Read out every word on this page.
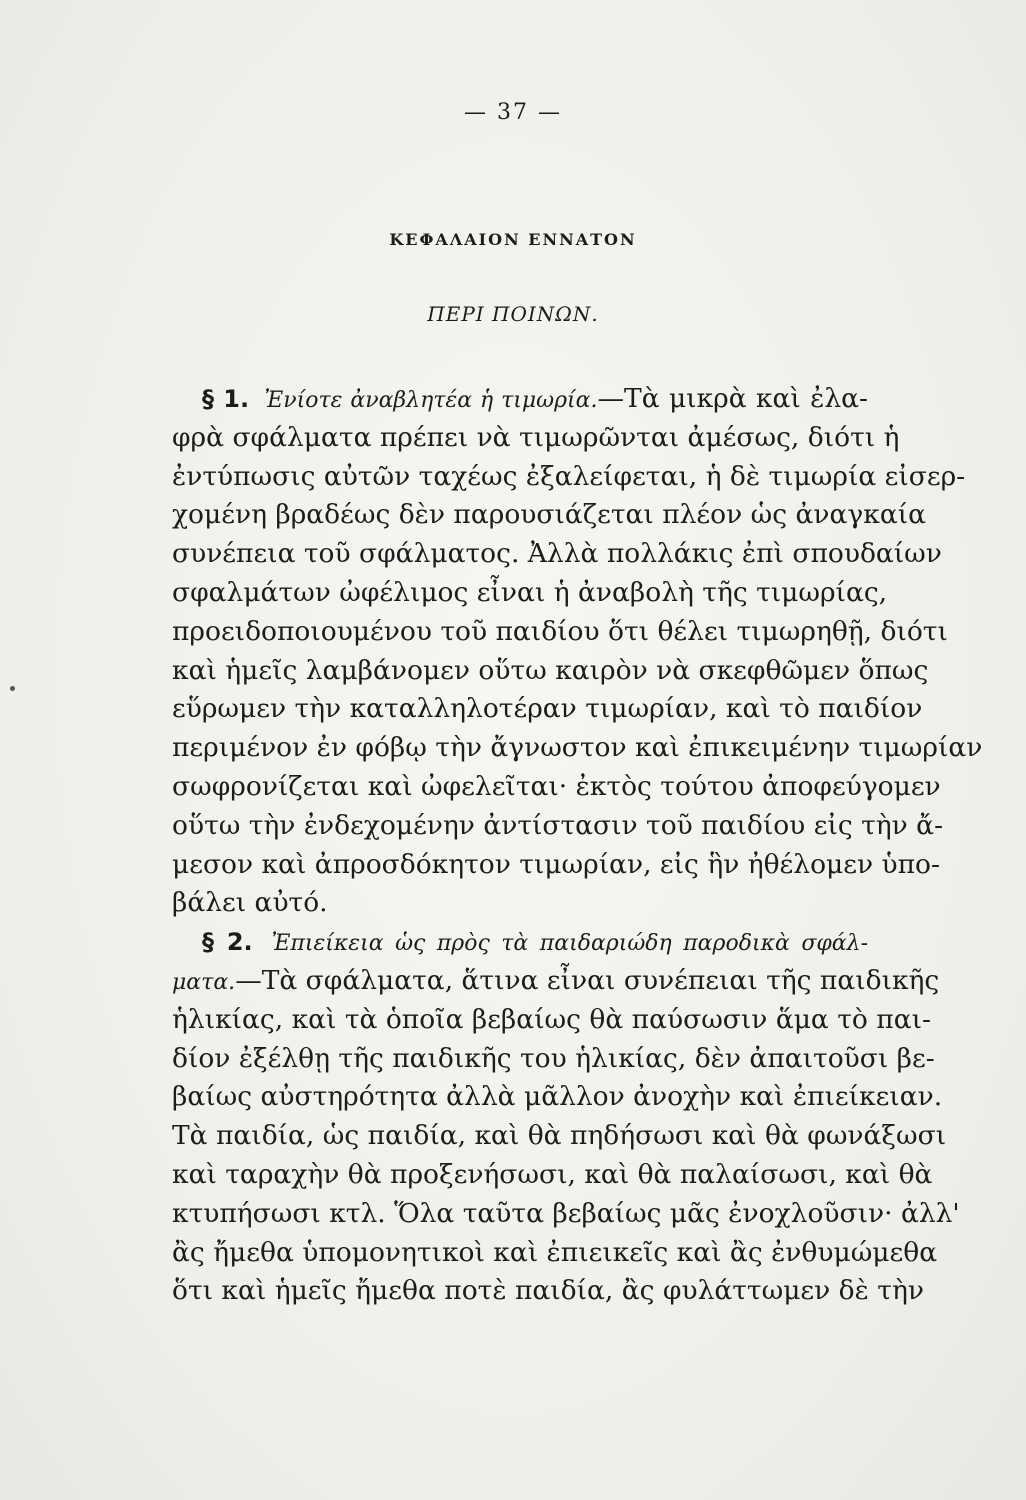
— 37 —
ΚΕΦΑΛΑΙΟΝ ΕΝΝΑΤΟΝ
ΠΕΡΙ ΠΟΙΝΩΝ.
§ 1. Ἐνίοτε ἀναβλητέα ἡ τιμωρία.—Τὰ μικρὰ καὶ ἐλα-
φρὰ σφάλματα πρέπει νὰ τιμωρῶνται ἀμέσως, διότι ἡ
ἐντύπωσις αὐτῶν ταχέως ἐξαλείφεται, ἡ δὲ τιμωρία εἰσερ-
χομένη βραδέως δὲν παρουσιάζεται πλέον ὡς ἀναγκαία
συνέπεια τοῦ σφάλματος. Ἀλλὰ πολλάκις ἐπὶ σπουδαίων
σφαλμάτων ὠφέλιμος εἶναι ἡ ἀναβολὴ τῆς τιμωρίας,
προειδοποιουμένου τοῦ παιδίου ὅτι θέλει τιμωρηθῇ, διότι
καὶ ἡμεῖς λαμβάνομεν οὕτω καιρὸν νὰ σκεφθῶμεν ὅπως
εὕρωμεν τὴν καταλληλοτέραν τιμωρίαν, καὶ τὸ παιδίον
περιμένον ἐν φόβῳ τὴν ἄγνωστον καὶ ἐπικειμένην τιμωρίαν
σωφρονίζεται καὶ ὠφελεῖται· ἐκτὸς τούτου ἀποφεύγομεν
οὕτω τὴν ἐνδεχομένην ἀντίστασιν τοῦ παιδίου εἰς τὴν ἄ-
μεσον καὶ ἀπροσδόκητον τιμωρίαν, εἰς ἣν ἠθέλομεν ὑπο-
βάλει αὐτό.
§ 2. Ἐπιείκεια ὡς πρὸς τὰ παιδαριώδη παροδικὰ σφάλ-
ματα.—Τὰ σφάλματα, ἅτινα εἶναι συνέπειαι τῆς παιδικῆς
ἡλικίας, καὶ τὰ ὁποῖα βεβαίως θὰ παύσωσιν ἅμα τὸ παι-
δίον ἐξέλθῃ τῆς παιδικῆς του ἡλικίας, δὲν ἀπαιτοῦσι βε-
βαίως αὐστηρότητα ἀλλὰ μᾶλλον ἀνοχὴν καὶ ἐπιείκειαν.
Τὰ παιδία, ὡς παιδία, καὶ θὰ πηδήσωσι καὶ θὰ φωνάξωσι
καὶ ταραχὴν θὰ προξενήσωσι, καὶ θὰ παλαίσωσι, καὶ θὰ
κτυπήσωσι κτλ. Ὅλα ταῦτα βεβαίως μᾶς ἐνοχλοῦσιν· ἀλλ'
ἂς ἤμεθα ὑπομονητικοὶ καὶ ἐπιεικεῖς καὶ ἂς ἐνθυμώμεθα
ὅτι καὶ ἡμεῖς ἤμεθα ποτὲ παιδία, ἂς φυλάττωμεν δὲ τὴν
